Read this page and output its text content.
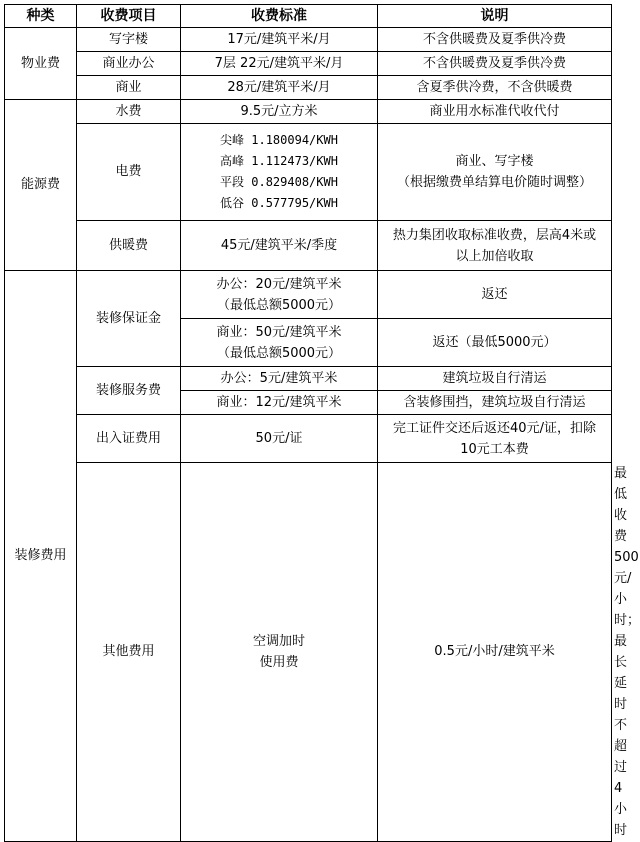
种类	收费项目	收费标准	说明	
物业费	写字楼	17元/建筑平米/月	不含供暖费及夏季供冷费	
	商业办公	7层 22元/建筑平米/月	不含供暖费及夏季供冷费	
	商业	28元/建筑平米/月	含夏季供冷费，不含供暖费	
能源费	水费	9.5元/立方米	商业用水标准代收代付	
	电费	尖峰 1.180094/KWH
高峰 1.112473/KWH
平段 0.829408/KWH
低谷 0.577795/KWH	商业、写字楼
（根据缴费单结算电价随时调整）	

	供暖费	45元/建筑平米/季度	热力集团收取标准收费，层高4米或
以上加倍收取	

装修费用	装修保证金	办公：20元/建筑平米
（最低总额5000元）	返还	

		商业：50元/建筑平米
（最低总额5000元）	返还（最低5000元）	
	装修服务费	办公：5元/建筑平米	建筑垃圾自行清运	
		商业：12元/建筑平米	含装修围挡，建筑垃圾自行清运	
	出入证费用	50元/证	完工证件交还后返还40元/证，扣除
10元工本费	

	其他费用	空调加时
使用费	0.5元/小时/建筑平米	最低收费500元/小时；最长延时不
超过4小时
